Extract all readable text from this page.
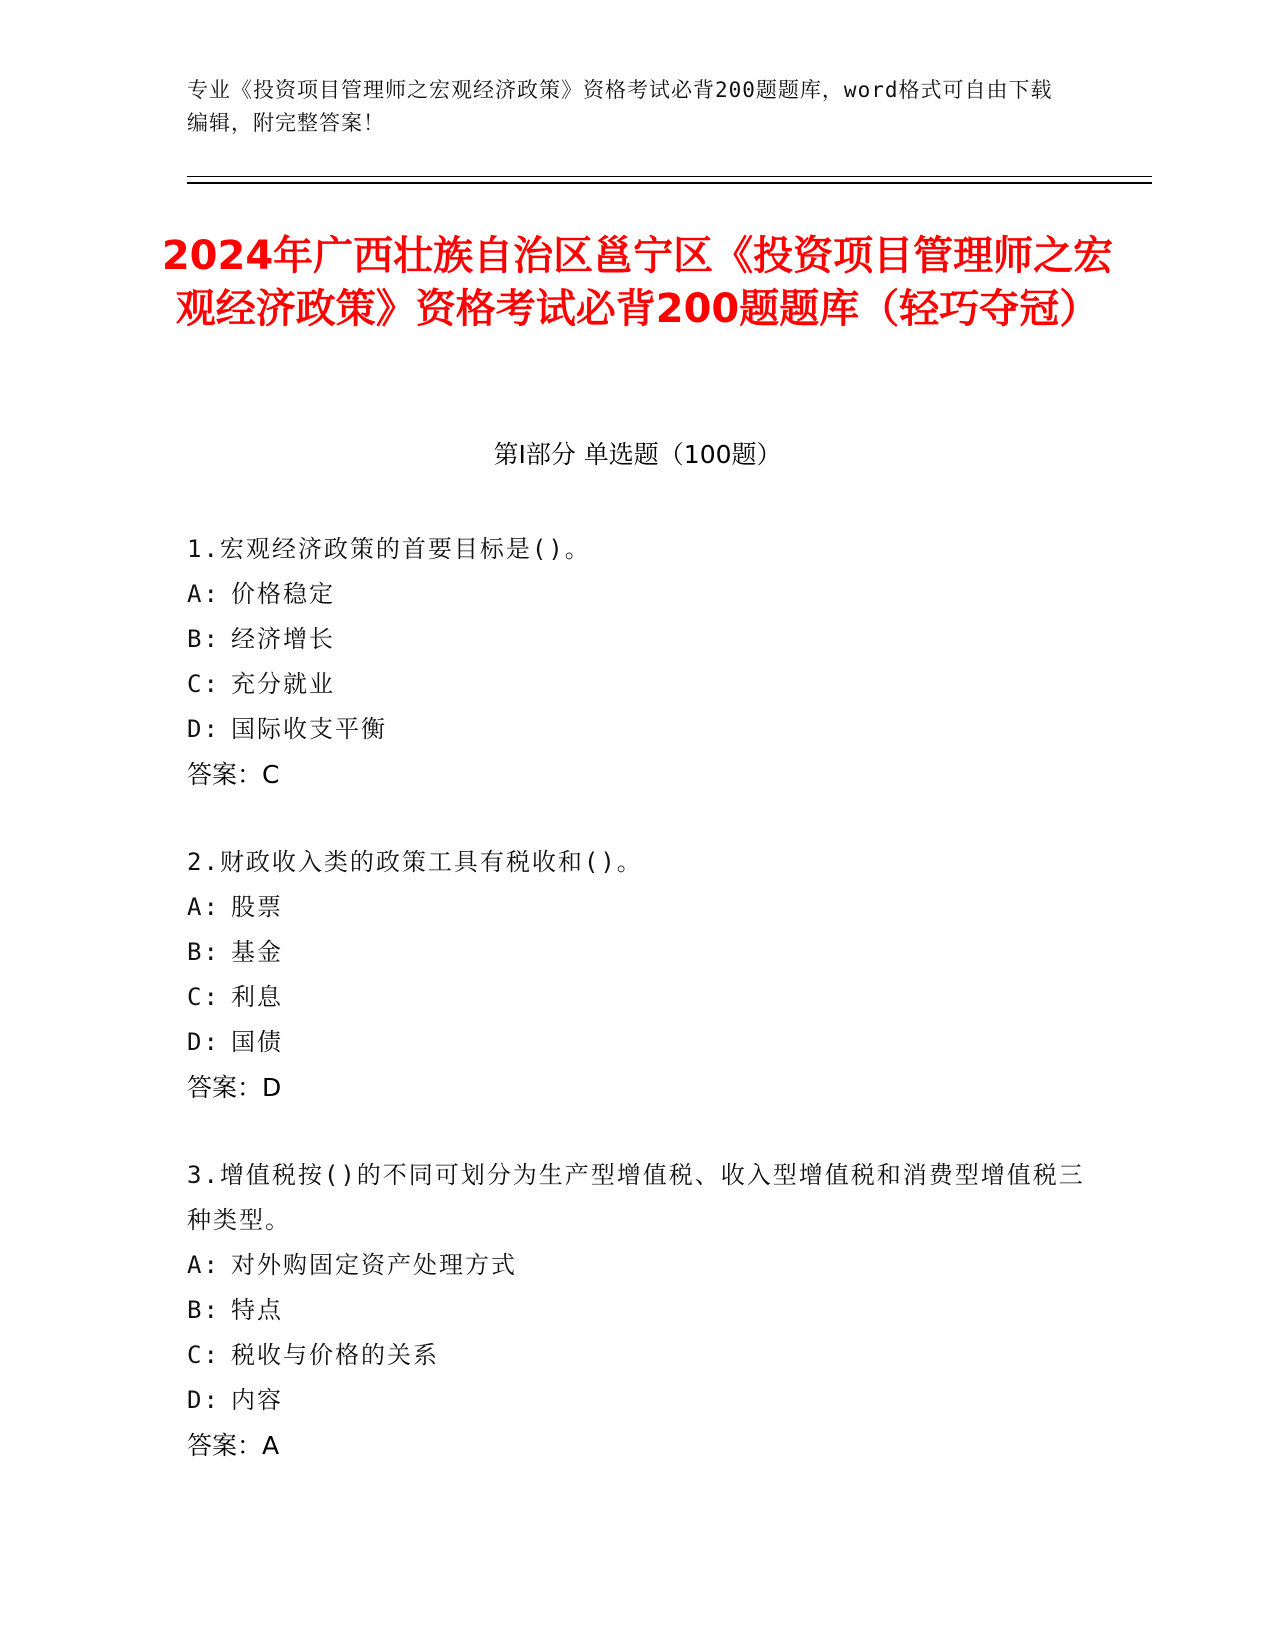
专业《投资项目管理师之宏观经济政策》资格考试必背200题题库，word格式可自由下载编辑，附完整答案！
2024年广西壮族自治区邕宁区《投资项目管理师之宏观经济政策》资格考试必背200题题库（轻巧夺冠）
第Ⅰ部分 单选题（100题）
1.宏观经济政策的首要目标是()。
A: 价格稳定
B: 经济增长
C: 充分就业
D: 国际收支平衡
答案：C
2.财政收入类的政策工具有税收和()。
A: 股票
B: 基金
C: 利息
D: 国债
答案：D
3.增值税按()的不同可划分为生产型增值税、收入型增值税和消费型增值税三种类型。
A: 对外购固定资产处理方式
B: 特点
C: 税收与价格的关系
D: 内容
答案：A
